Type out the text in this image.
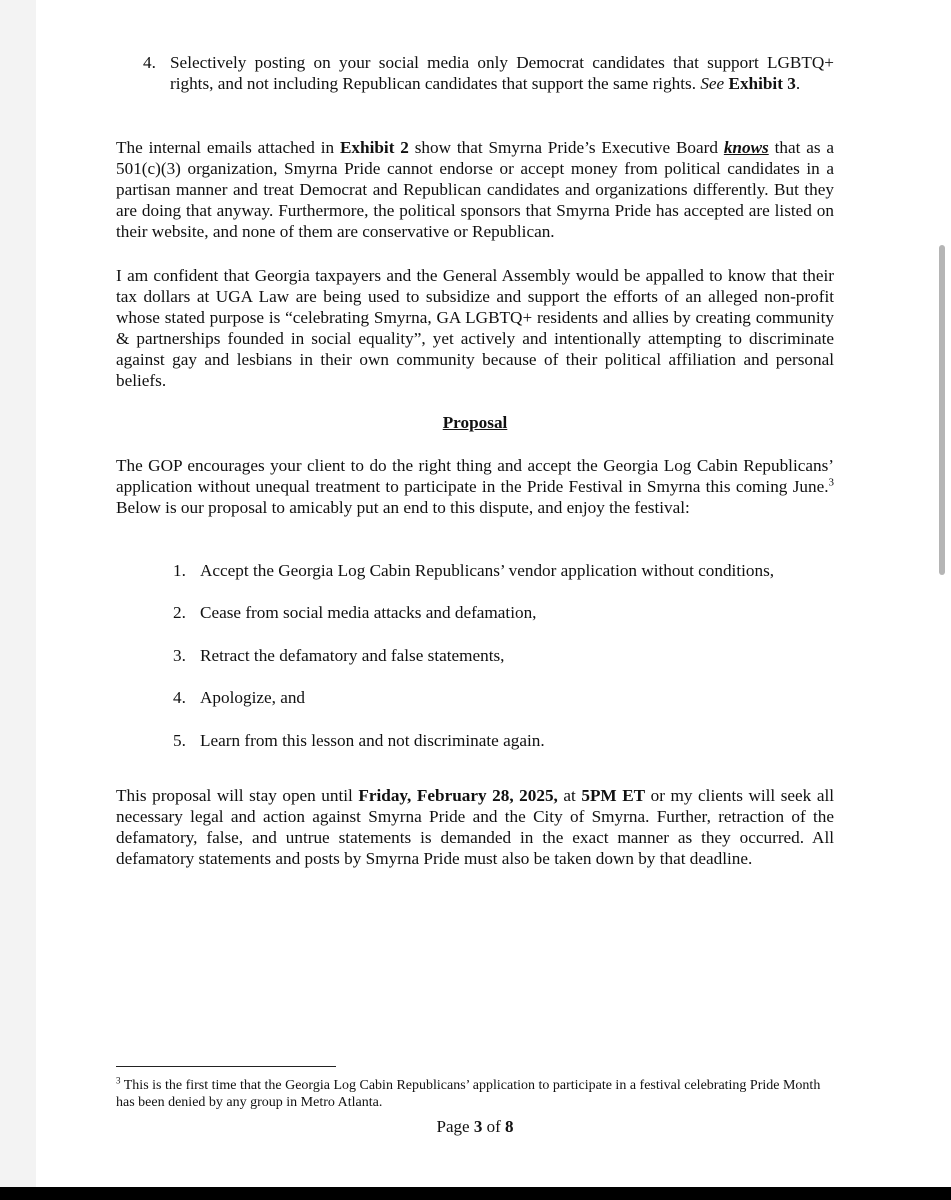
4. Selectively posting on your social media only Democrat candidates that support LGBTQ+ rights, and not including Republican candidates that support the same rights. See Exhibit 3.
The internal emails attached in Exhibit 2 show that Smyrna Pride’s Executive Board knows that as a 501(c)(3) organization, Smyrna Pride cannot endorse or accept money from political candidates in a partisan manner and treat Democrat and Republican candidates and organizations differently. But they are doing that anyway. Furthermore, the political sponsors that Smyrna Pride has accepted are listed on their website, and none of them are conservative or Republican.
I am confident that Georgia taxpayers and the General Assembly would be appalled to know that their tax dollars at UGA Law are being used to subsidize and support the efforts of an alleged non-profit whose stated purpose is “celebrating Smyrna, GA LGBTQ+ residents and allies by creating community & partnerships founded in social equality”, yet actively and intentionally attempting to discriminate against gay and lesbians in their own community because of their political affiliation and personal beliefs.
Proposal
The GOP encourages your client to do the right thing and accept the Georgia Log Cabin Republicans’ application without unequal treatment to participate in the Pride Festival in Smyrna this coming June.$^3$ Below is our proposal to amicably put an end to this dispute, and enjoy the festival:
1. Accept the Georgia Log Cabin Republicans’ vendor application without conditions,
2. Cease from social media attacks and defamation,
3. Retract the defamatory and false statements,
4. Apologize, and
5. Learn from this lesson and not discriminate again.
This proposal will stay open until Friday, February 28, 2025, at 5PM ET or my clients will seek all necessary legal and action against Smyrna Pride and the City of Smyrna. Further, retraction of the defamatory, false, and untrue statements is demanded in the exact manner as they occurred. All defamatory statements and posts by Smyrna Pride must also be taken down by that deadline.
$^3$ This is the first time that the Georgia Log Cabin Republicans’ application to participate in a festival celebrating Pride Month has been denied by any group in Metro Atlanta.
Page 3 of 8
